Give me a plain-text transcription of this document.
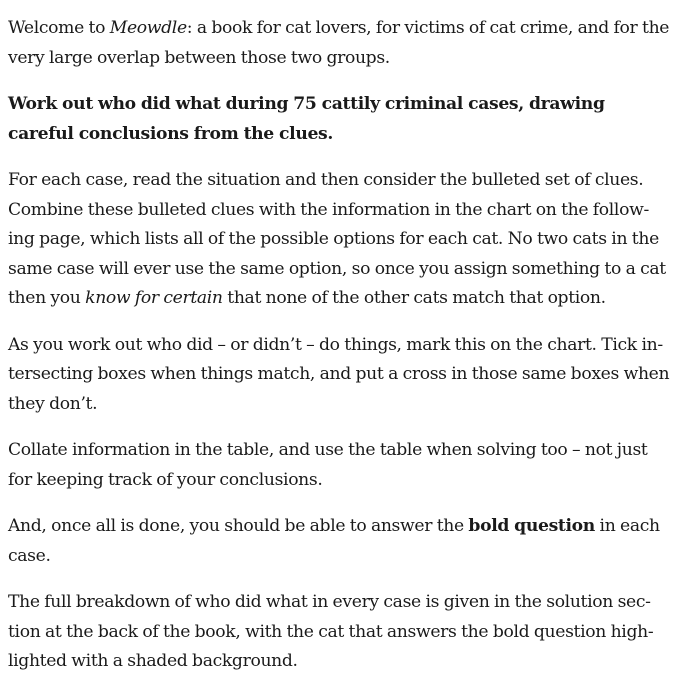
Welcome to Meowdle: a book for cat lovers, for victims of cat crime, and for the very large overlap between those two groups.

Work out who did what during 75 cattily criminal cases, drawing careful conclusions from the clues.

For each case, read the situation and then consider the bulleted set of clues. Combine these bulleted clues with the information in the chart on the follow-ing page, which lists all of the possible options for each cat. No two cats in the same case will ever use the same option, so once you assign something to a cat then you know for certain that none of the other cats match that option.

As you work out who did – or didn’t – do things, mark this on the chart. Tick in-tersecting boxes when things match, and put a cross in those same boxes when they don’t.

Collate information in the table, and use the table when solving too – not just for keeping track of your conclusions.

And, once all is done, you should be able to answer the bold question in each case.

The full breakdown of who did what in every case is given in the solution sec-tion at the back of the book, with the cat that answers the bold question high-lighted with a shaded background.
